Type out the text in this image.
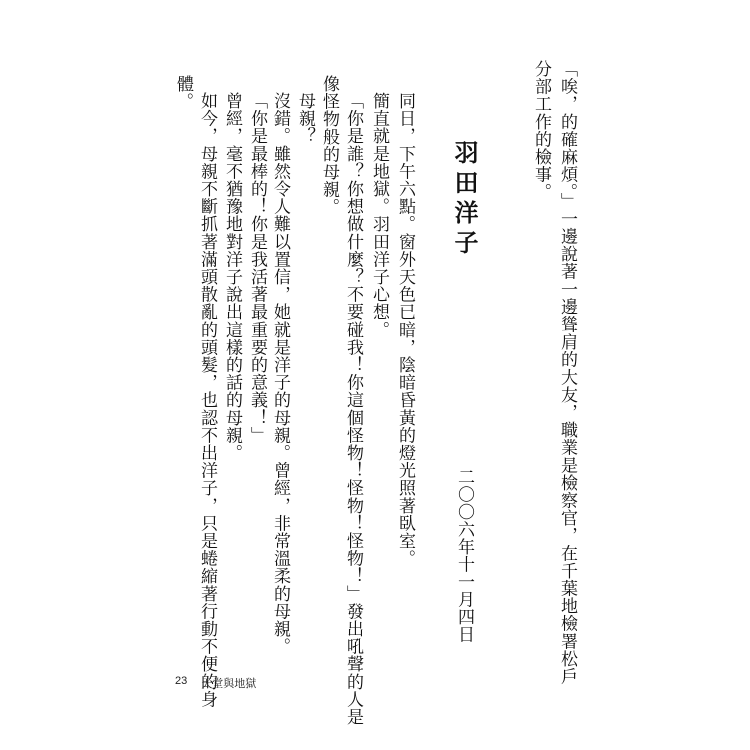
「唉，的確麻煩。」一邊說著一邊聳肩的大友，職業是檢察官，在千葉地檢署松戶
分部工作的檢事。
羽田洋子
二〇〇六年十一月四日
同日，下午六點。窗外天色已暗，陰暗昏黃的燈光照著臥室。
簡直就是地獄。羽田洋子心想。
「你是誰？你想做什麼？不要碰我！你這個怪物！怪物！怪物！」發出吼聲的人是
像怪物般的母親。
母親？
沒錯。雖然令人難以置信，她就是洋子的母親。曾經，非常溫柔的母親。
「你是最棒的！你是我活著最重要的意義！」
曾經，毫不猶豫地對洋子說出這樣的話的母親。
如今，母親不斷抓著滿頭散亂的頭髮，也認不出洋子，只是蜷縮著行動不便的身
體。
23 天堂與地獄
